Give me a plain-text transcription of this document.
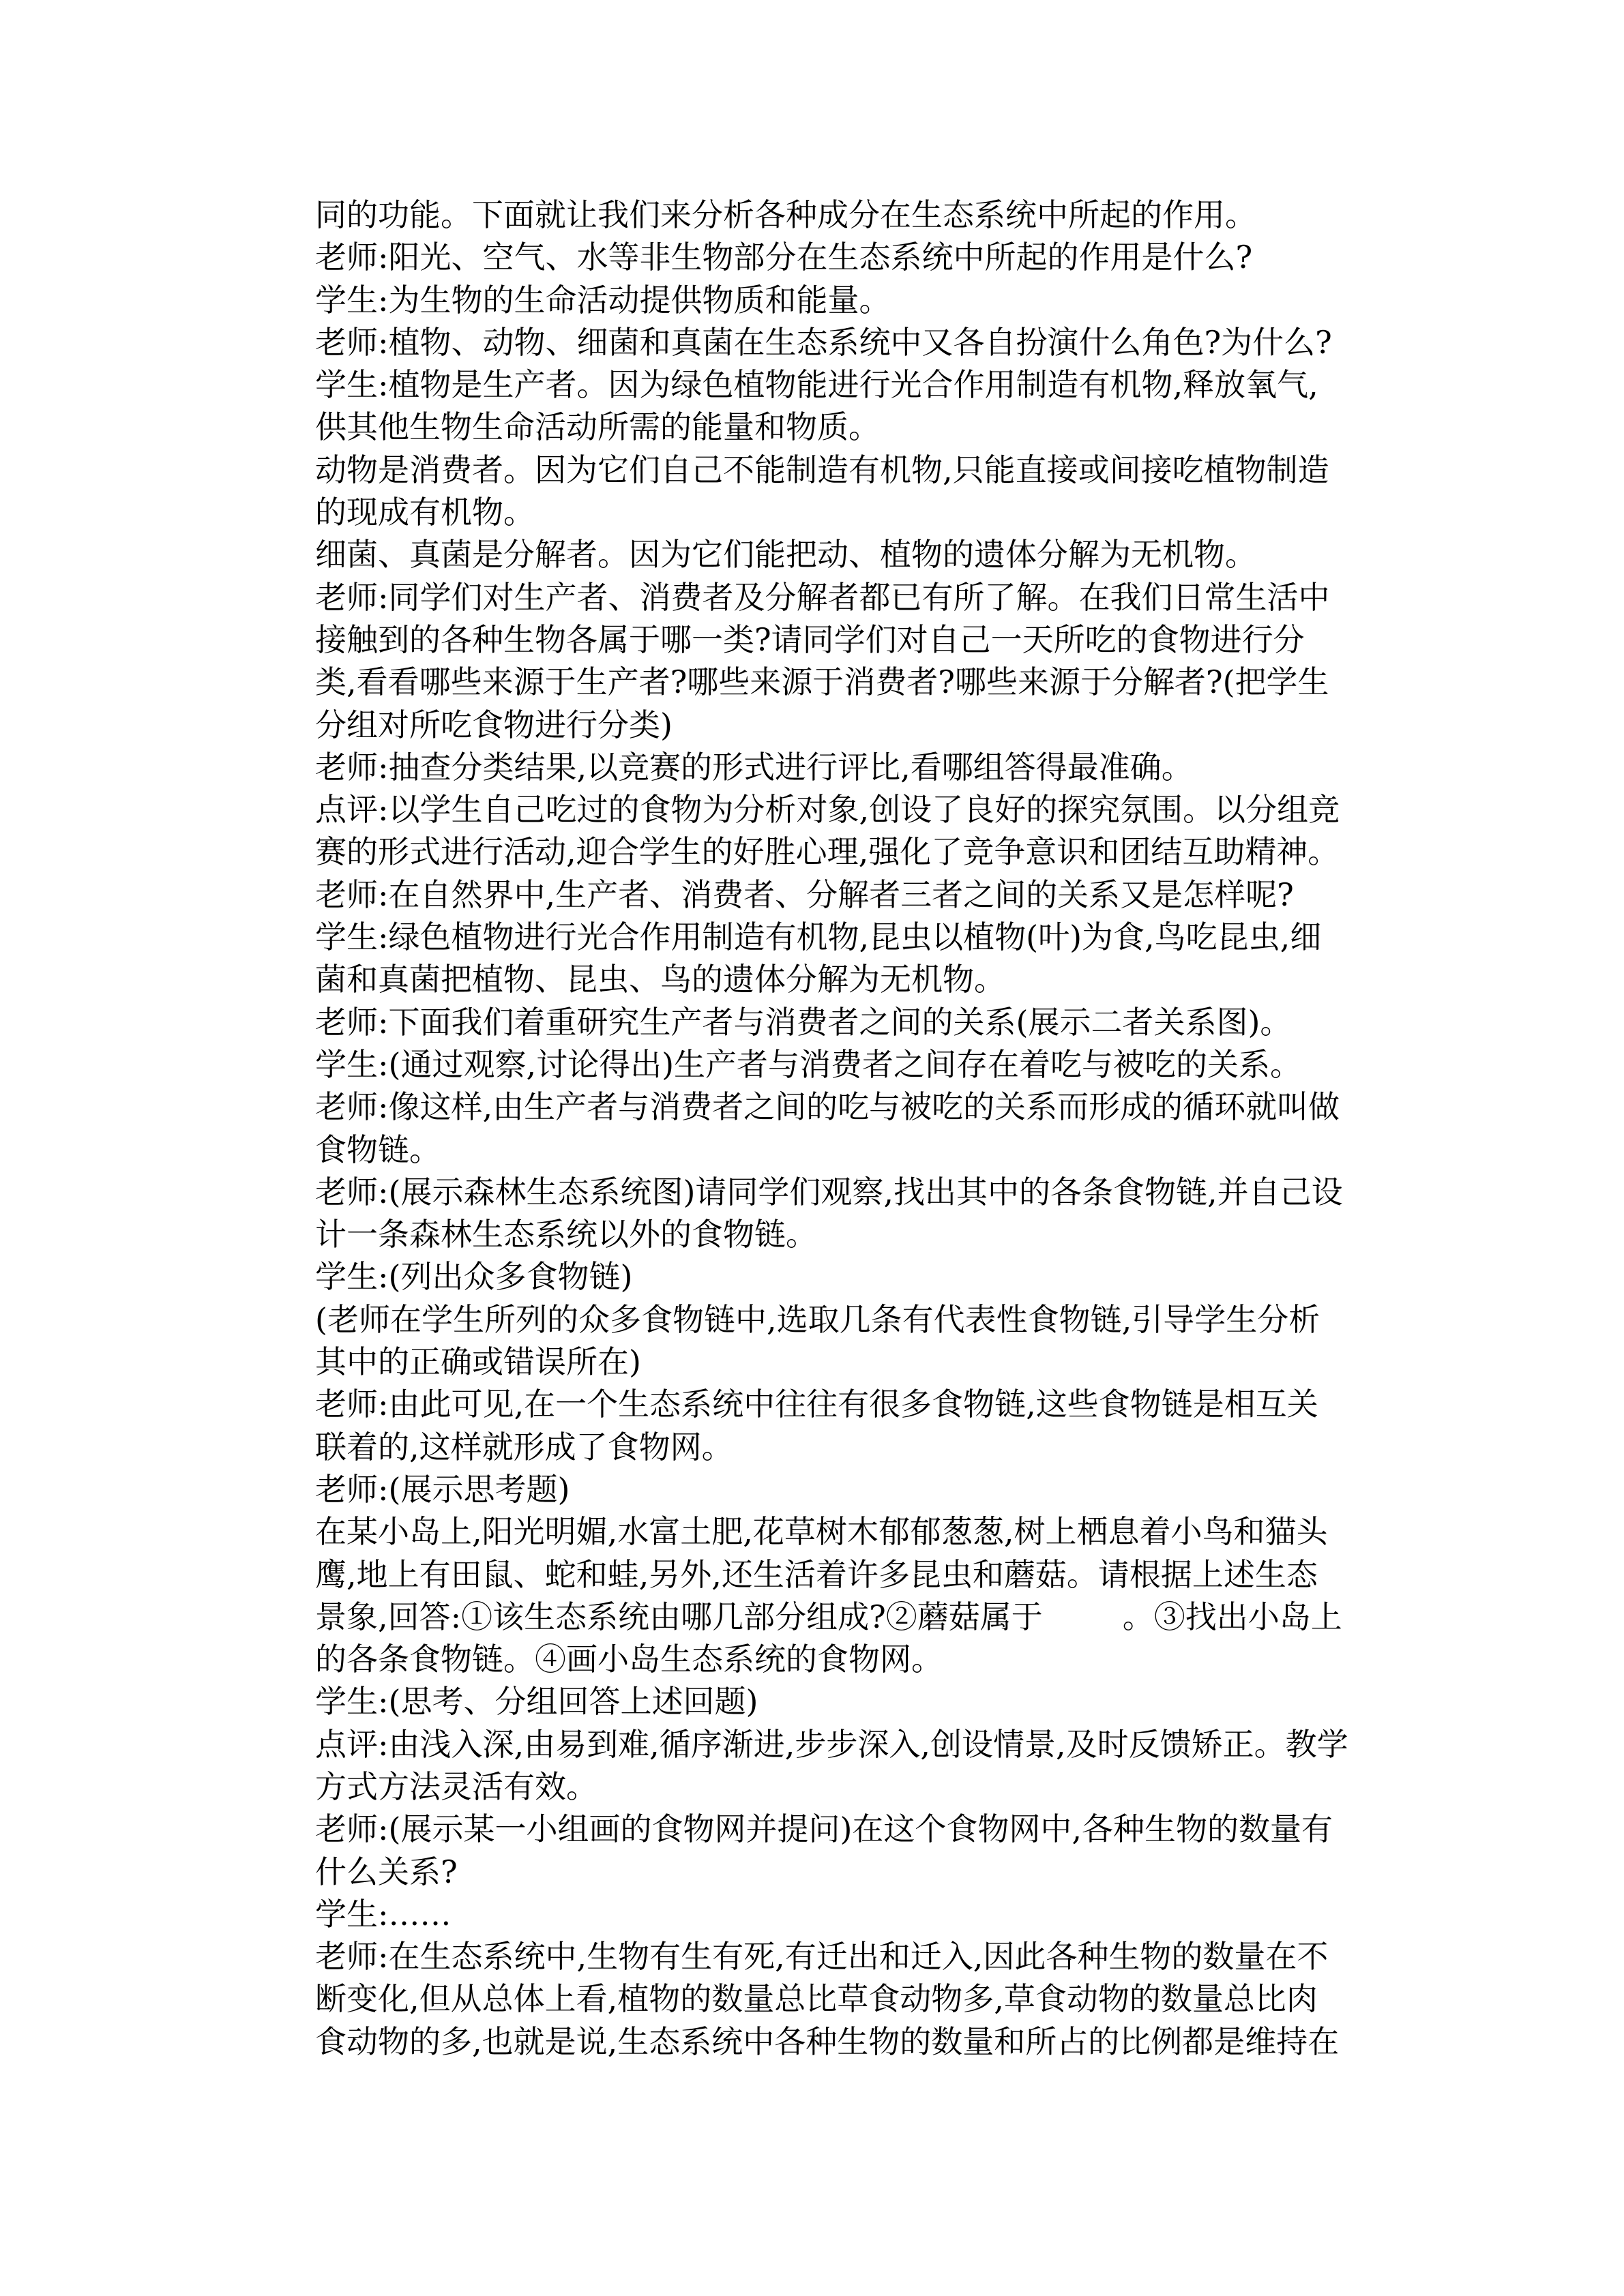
同的功能。下面就让我们来分析各种成分在生态系统中所起的作用。
老师:阳光、空气、水等非生物部分在生态系统中所起的作用是什么?
学生:为生物的生命活动提供物质和能量。
老师:植物、动物、细菌和真菌在生态系统中又各自扮演什么角色?为什么?
学生:植物是生产者。因为绿色植物能进行光合作用制造有机物,释放氧气,
供其他生物生命活动所需的能量和物质。
动物是消费者。因为它们自己不能制造有机物,只能直接或间接吃植物制造
的现成有机物。
细菌、真菌是分解者。因为它们能把动、植物的遗体分解为无机物。
老师:同学们对生产者、消费者及分解者都已有所了解。在我们日常生活中
接触到的各种生物各属于哪一类?请同学们对自己一天所吃的食物进行分
类,看看哪些来源于生产者?哪些来源于消费者?哪些来源于分解者?(把学生
分组对所吃食物进行分类)
老师:抽查分类结果,以竞赛的形式进行评比,看哪组答得最准确。
点评:以学生自己吃过的食物为分析对象,创设了良好的探究氛围。以分组竞
赛的形式进行活动,迎合学生的好胜心理,强化了竞争意识和团结互助精神。
老师:在自然界中,生产者、消费者、分解者三者之间的关系又是怎样呢?
学生:绿色植物进行光合作用制造有机物,昆虫以植物(叶)为食,鸟吃昆虫,细
菌和真菌把植物、昆虫、鸟的遗体分解为无机物。
老师:下面我们着重研究生产者与消费者之间的关系(展示二者关系图)。
学生:(通过观察,讨论得出)生产者与消费者之间存在着吃与被吃的关系。
老师:像这样,由生产者与消费者之间的吃与被吃的关系而形成的循环就叫做
食物链。
老师:(展示森林生态系统图)请同学们观察,找出其中的各条食物链,并自己设
计一条森林生态系统以外的食物链。
学生:(列出众多食物链)
(老师在学生所列的众多食物链中,选取几条有代表性食物链,引导学生分析
其中的正确或错误所在)
老师:由此可见,在一个生态系统中往往有很多食物链,这些食物链是相互关
联着的,这样就形成了食物网。
老师:(展示思考题)
在某小岛上,阳光明媚,水富土肥,花草树木郁郁葱葱,树上栖息着小鸟和猫头
鹰,地上有田鼠、蛇和蛙,另外,还生活着许多昆虫和蘑菇。请根据上述生态
景象,回答:①该生态系统由哪几部分组成?②蘑菇属于        。③找出小岛上
的各条食物链。④画小岛生态系统的食物网。
学生:(思考、分组回答上述回题)
点评:由浅入深,由易到难,循序渐进,步步深入,创设情景,及时反馈矫正。教学
方式方法灵活有效。
老师:(展示某一小组画的食物网并提问)在这个食物网中,各种生物的数量有
什么关系?
学生:……
老师:在生态系统中,生物有生有死,有迁出和迁入,因此各种生物的数量在不
断变化,但从总体上看,植物的数量总比草食动物多,草食动物的数量总比肉
食动物的多,也就是说,生态系统中各种生物的数量和所占的比例都是维持在
